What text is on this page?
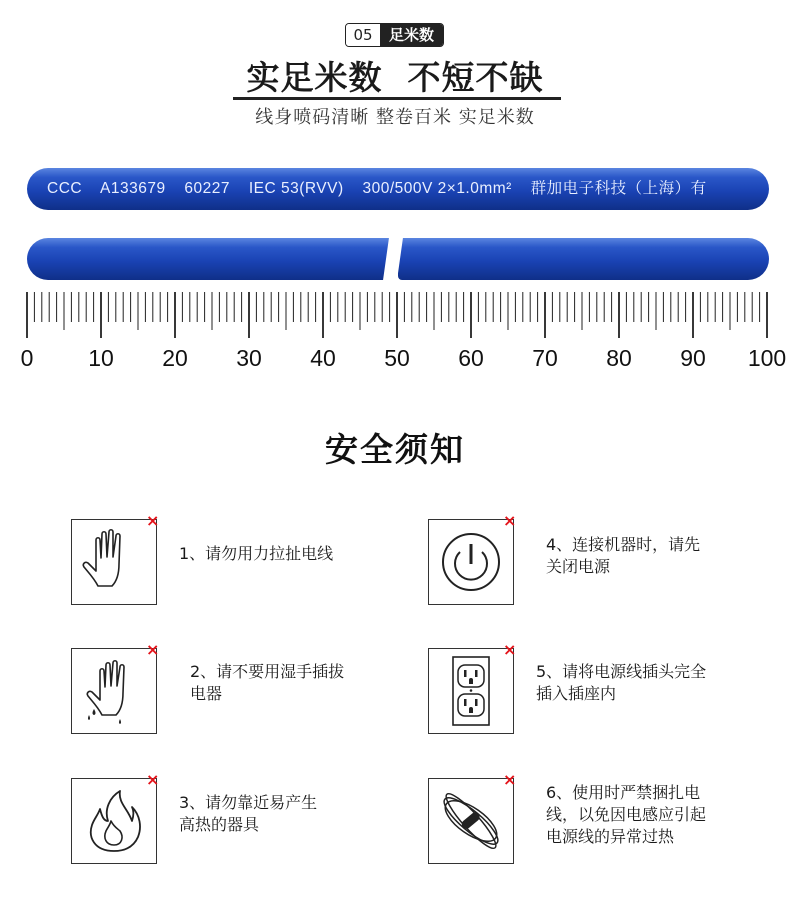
05	足米数
实足米数  不短不缺
线身喷码清晰 整卷百米 实足米数
CCC A133679 60227 IEC 53(RVV) 300/500V 2×1.0mm² 群加电子科技（上海）有
0 10 20 30 40 50 60 70 80 90 100
安全须知
×
1、请勿用力拉扯电线
×
4、连接机器时，请先
关闭电源
×
2、请不要用湿手插拔
电器
×
5、请将电源线插头完全
插入插座内
×
3、请勿靠近易产生
高热的器具
×
6、使用时严禁捆扎电
线，以免因电感应引起
电源线的异常过热
